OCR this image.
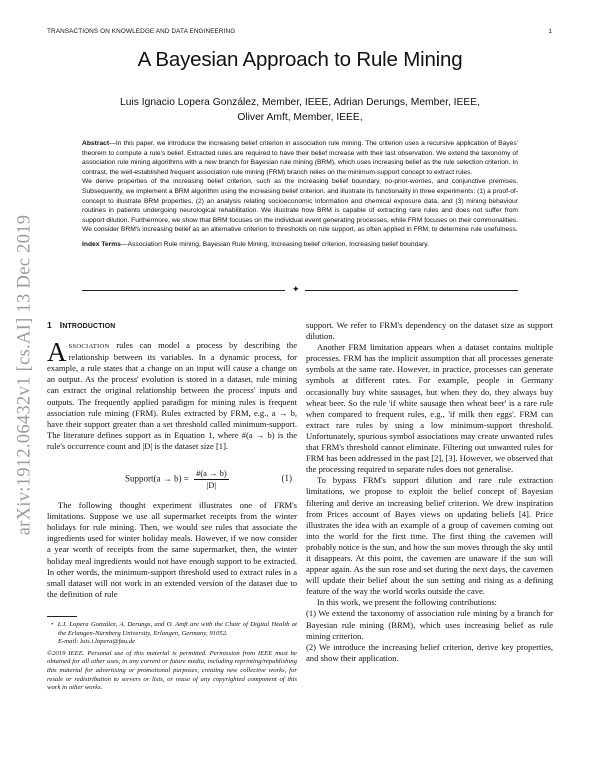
TRANSACTIONS ON KNOWLEDGE AND DATA ENGINEERING	1
arXiv:1912.06432v1 [cs.AI] 13 Dec 2019
A Bayesian Approach to Rule Mining
Luis Ignacio Lopera González, Member, IEEE, Adrian Derungs, Member, IEEE,
Oliver Amft, Member, IEEE,

Abstract—In this paper, we introduce the increasing belief criterion in association rule mining. The criterion uses a recursive application of Bayes' theorem to compute a rule's belief. Extracted rules are required to have their belief increase with their last observation. We extend the taxonomy of association rule mining algorithms with a new branch for Bayesian rule mining (BRM), which uses increasing belief as the rule selection criterion. In contrast, the well-established frequent association rule mining (FRM) branch relies on the minimum-support concept to extract rules.

We derive properties of the increasing belief criterion, such as the increasing belief boundary, no-prior-worries, and conjunctive premises. Subsequently, we implement a BRM algorithm using the increasing belief criterion, and illustrate its functionality in three experiments: (1) a proof-of-concept to illustrate BRM properties, (2) an analysis relating socioeconomic information and chemical exposure data, and (3) mining behaviour routines in patients undergoing neurological rehabilitation. We illustrate how BRM is capable of extracting rare rules and does not suffer from support dilution. Furthermore, we show that BRM focuses on the individual event generating processes, while FRM focuses on their commonalities. We consider BRM's increasing belief as an alternative criterion to thresholds on rule support, as often applied in FRM, to determine rule usefulness.

Index Terms—Association Rule mining, Bayesian Rule Mining, Increasing belief criterion, Increasing belief boundary.

✦
1 INTRODUCTION

ASSOCIATION rules can model a process by describing the relationship between its variables. In a dynamic process, for example, a rule states that a change on an input will cause a change on an output. As the process' evolution is stored in a dataset, rule mining can extract the original relationship between the process' inputs and outputs. The frequently applied paradigm for mining rules is frequent association rule mining (FRM). Rules extracted by FRM, e.g., a → b, have their support greater than a set threshold called minimum-support. The literature defines support as in Equation 1, where #(a → b) is the rule's occurrence count and |D| is the dataset size [1].

Support(a → $b) = \frac{\#(a \to b)}{|D|}$	(1)

The following thought experiment illustrates one of FRM's limitations. Suppose we use all supermarket receipts from the winter holidays for rule mining. Then, we would see rules that associate the ingredients used for winter holiday meals. However, if we now consider a year worth of receipts from the same supermarket, then, the winter holiday meal ingredients would not have enough support to be extracted. In other words, the minimum-support threshold used to extract rules in a small dataset will not work in an extended version of the dataset due to the definition of rule

• L.I. Lopera González, A. Derungs, and O. Amft are with the Chair of Digital Health at the Erlangen-Nürnberg University, Erlangen, Germany, 91052.
E-mail: luis.i.lopera@fau.de

©2019 IEEE. Personal use of this material is permitted. Permission from IEEE must be obtained for all other uses, in any current or future media, including reprinting/republishing this material for advertising or promotional purposes, creating new collective works, for resale or redistribution to servers or lists, or reuse of any copyrighted component of this work in other works.

support. We refer to FRM's dependency on the dataset size as support dilution.

Another FRM limitation appears when a dataset contains multiple processes. FRM has the implicit assumption that all processes generate symbols at the same rate. However, in practice, processes can generate symbols at different rates. For example, people in Germany occasionally buy white sausages, but when they do, they always buy wheat beer. So the rule 'if white sausage then wheat beer' is a rare rule when compared to frequent rules, e.g., 'if milk then eggs'. FRM can extract rare rules by using a low minimum-support threshold. Unfortunately, spurious symbol associations may create unwanted rules that FRM's threshold cannot eliminate. Filtering out unwanted rules for FRM has been addressed in the past [2], [3]. However, we observed that the processing required to separate rules does not generalise.

To bypass FRM's support dilution and rare rule extraction limitations, we propose to exploit the belief concept of Bayesian filtering and derive an increasing belief criterion. We drew inspiration from Prices account of Bayes views on updating beliefs [4]. Price illustrates the idea with an example of a group of cavemen coming out into the world for the first time. The first thing the cavemen will probably notice is the sun, and how the sun moves through the sky until it disappears. At this point, the cavemen are unaware if the sun will appear again. As the sun rose and set during the next days, the cavemen will update their belief about the sun setting and rising as a defining feature of the way the world works outside the cave.

In this work, we present the following contributions:

(1) We extend the taxonomy of association rule mining by a branch for Bayesian rule mining (BRM), which uses increasing belief as rule mining criterion.

(2) We introduce the increasing belief criterion, derive key properties, and show their application.
